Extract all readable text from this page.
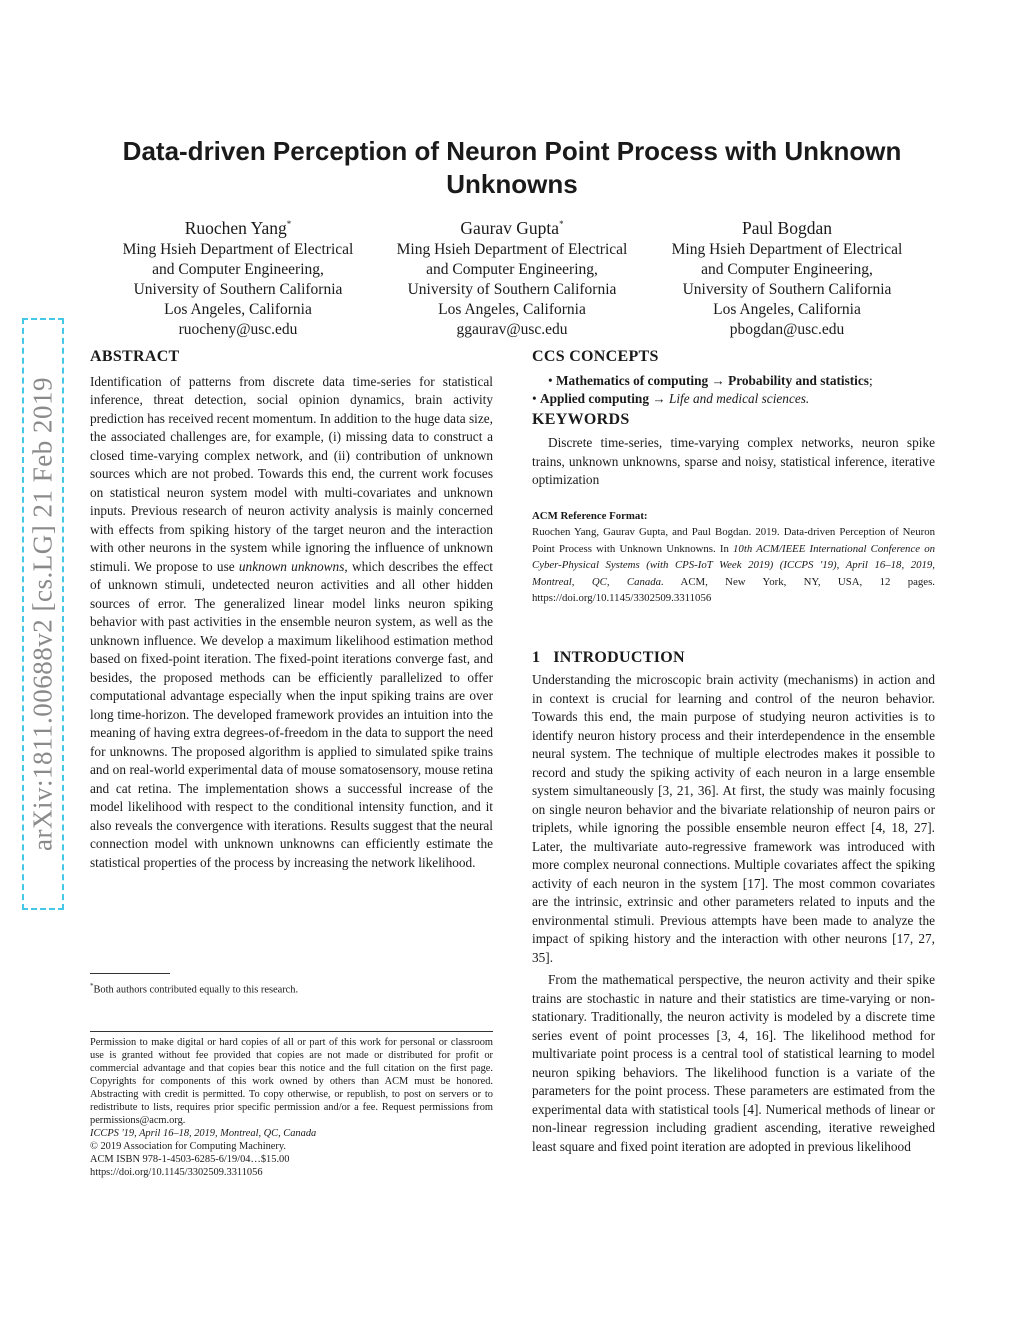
arXiv:1811.00688v2 [cs.LG] 21 Feb 2019
Data-driven Perception of Neuron Point Process with Unknown
Unknowns
Ruochen Yang*
Ming Hsieh Department of Electrical
and Computer Engineering,
University of Southern California
Los Angeles, California
ruocheny@usc.edu
Gaurav Gupta*
Ming Hsieh Department of Electrical
and Computer Engineering,
University of Southern California
Los Angeles, California
ggaurav@usc.edu
Paul Bogdan
Ming Hsieh Department of Electrical
and Computer Engineering,
University of Southern California
Los Angeles, California
pbogdan@usc.edu
ABSTRACT

Identification of patterns from discrete data time-series for statistical inference, threat detection, social opinion dynamics, brain activity prediction has received recent momentum. In addition to the huge data size, the associated challenges are, for example, (i) missing data to construct a closed time-varying complex network, and (ii) contribution of unknown sources which are not probed. Towards this end, the current work focuses on statistical neuron system model with multi-covariates and unknown inputs. Previous research of neuron activity analysis is mainly concerned with effects from spiking history of the target neuron and the interaction with other neurons in the system while ignoring the influence of unknown stimuli. We propose to use unknown unknowns, which describes the effect of unknown stimuli, undetected neuron activities and all other hidden sources of error. The generalized linear model links neuron spiking behavior with past activities in the ensemble neuron system, as well as the unknown influence. We develop a maximum likelihood estimation method based on fixed-point iteration. The fixed-point iterations converge fast, and besides, the proposed methods can be efficiently parallelized to offer computational advantage especially when the input spiking trains are over long time-horizon. The developed framework provides an intuition into the meaning of having extra degrees-of-freedom in the data to support the need for unknowns. The proposed algorithm is applied to simulated spike trains and on real-world experimental data of mouse somatosensory, mouse retina and cat retina. The implementation shows a successful increase of the model likelihood with respect to the conditional intensity function, and it also reveals the convergence with iterations. Results suggest that the neural connection model with unknown unknowns can efficiently estimate the statistical properties of the process by increasing the network likelihood.

*Both authors contributed equally to this research.
Permission to make digital or hard copies of all or part of this work for personal or classroom use is granted without fee provided that copies are not made or distributed for profit or commercial advantage and that copies bear this notice and the full citation on the first page. Copyrights for components of this work owned by others than ACM must be honored. Abstracting with credit is permitted. To copy otherwise, or republish, to post on servers or to redistribute to lists, requires prior specific permission and/or a fee. Request permissions from permissions@acm.org.
ICCPS '19, April 16–18, 2019, Montreal, QC, Canada
© 2019 Association for Computing Machinery.
ACM ISBN 978-1-4503-6285-6/19/04…$15.00
https://doi.org/10.1145/3302509.3311056
CCS CONCEPTS

• Mathematics of computing → Probability and statistics;

• Applied computing → Life and medical sciences.

KEYWORDS

Discrete time-series, time-varying complex networks, neuron spike trains, unknown unknowns, sparse and noisy, statistical inference, iterative optimization

ACM Reference Format:
Ruochen Yang, Gaurav Gupta, and Paul Bogdan. 2019. Data-driven Perception of Neuron Point Process with Unknown Unknowns. In 10th ACM/IEEE International Conference on Cyber-Physical Systems (with CPS-IoT Week 2019) (ICCPS '19), April 16–18, 2019, Montreal, QC, Canada. ACM, New York, NY, USA, 12 pages. https://doi.org/10.1145/3302509.3311056
1 INTRODUCTION

Understanding the microscopic brain activity (mechanisms) in action and in context is crucial for learning and control of the neuron behavior. Towards this end, the main purpose of studying neuron activities is to identify neuron history process and their interdependence in the ensemble neural system. The technique of multiple electrodes makes it possible to record and study the spiking activity of each neuron in a large ensemble system simultaneously [3, 21, 36]. At first, the study was mainly focusing on single neuron behavior and the bivariate relationship of neuron pairs or triplets, while ignoring the possible ensemble neuron effect [4, 18, 27]. Later, the multivariate auto-regressive framework was introduced with more complex neuronal connections. Multiple covariates affect the spiking activity of each neuron in the system [17]. The most common covariates are the intrinsic, extrinsic and other parameters related to inputs and the environmental stimuli. Previous attempts have been made to analyze the impact of spiking history and the interaction with other neurons [17, 27, 35].

From the mathematical perspective, the neuron activity and their spike trains are stochastic in nature and their statistics are time-varying or non-stationary. Traditionally, the neuron activity is modeled by a discrete time series event of point processes [3, 4, 16]. The likelihood method for multivariate point process is a central tool of statistical learning to model neuron spiking behaviors. The likelihood function is a variate of the parameters for the point process. These parameters are estimated from the experimental data with statistical tools [4]. Numerical methods of linear or non-linear regression including gradient ascending, iterative reweighed least square and fixed point iteration are adopted in previous likelihood
